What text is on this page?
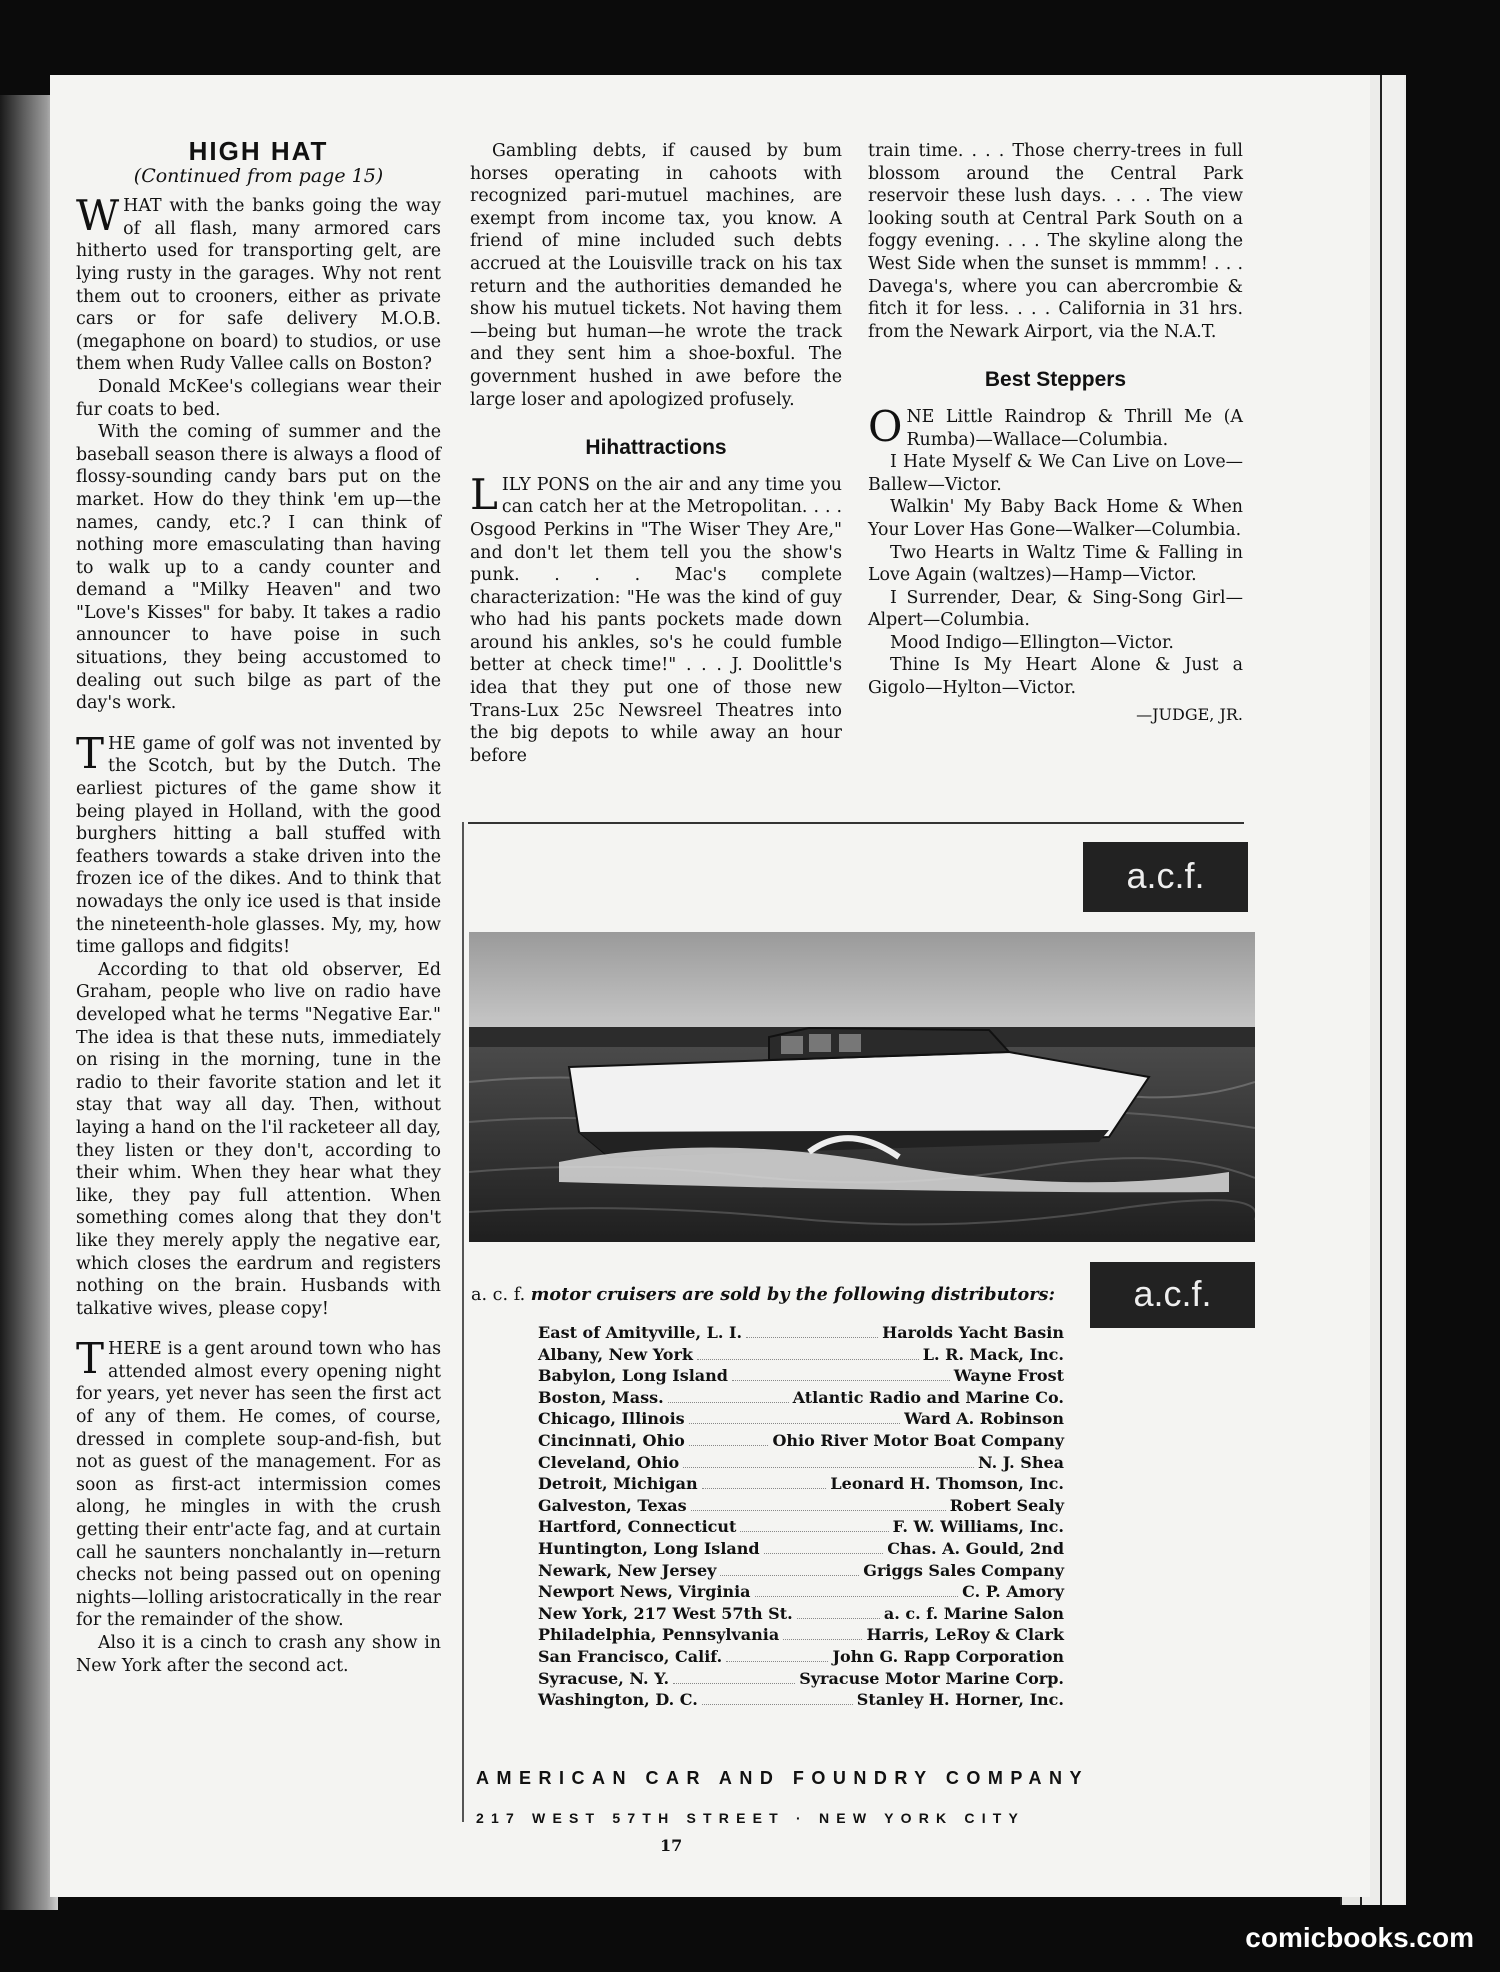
HIGH HAT
(Continued from page 15)

WHAT with the banks going the way of all flash, many armored cars hitherto used for transporting gelt, are lying rusty in the garages. Why not rent them out to crooners, either as private cars or for safe delivery M.O.B. (megaphone on board) to studios, or use them when Rudy Vallee calls on Boston?

Donald McKee's collegians wear their fur coats to bed.

With the coming of summer and the baseball season there is always a flood of flossy-sounding candy bars put on the market. How do they think 'em up—the names, candy, etc.? I can think of nothing more emasculating than having to walk up to a candy counter and demand a "Milky Heaven" and two "Love's Kisses" for baby. It takes a radio announcer to have poise in such situations, they being accustomed to dealing out such bilge as part of the day's work.

THE game of golf was not invented by the Scotch, but by the Dutch. The earliest pictures of the game show it being played in Holland, with the good burghers hitting a ball stuffed with feathers towards a stake driven into the frozen ice of the dikes. And to think that nowadays the only ice used is that inside the nineteenth-hole glasses. My, my, how time gallops and fidgits!

According to that old observer, Ed Graham, people who live on radio have developed what he terms "Negative Ear." The idea is that these nuts, immediately on rising in the morning, tune in the radio to their favorite station and let it stay that way all day. Then, without laying a hand on the l'il racketeer all day, they listen or they don't, according to their whim. When they hear what they like, they pay full attention. When something comes along that they don't like they merely apply the negative ear, which closes the eardrum and registers nothing on the brain. Husbands with talkative wives, please copy!

THERE is a gent around town who has attended almost every opening night for years, yet never has seen the first act of any of them. He comes, of course, dressed in complete soup-and-fish, but not as guest of the management. For as soon as first-act intermission comes along, he mingles in with the crush getting their entr'acte fag, and at curtain call he saunters nonchalantly in—return checks not being passed out on opening nights—lolling aristocratically in the rear for the remainder of the show.

Also it is a cinch to crash any show in New York after the second act.

Gambling debts, if caused by bum horses operating in cahoots with recognized pari-mutuel machines, are exempt from income tax, you know. A friend of mine included such debts accrued at the Louisville track on his tax return and the authorities demanded he show his mutuel tickets. Not having them—being but human—he wrote the track and they sent him a shoe-boxful. The government hushed in awe before the large loser and apologized profusely.

Hihattractions

LILY PONS on the air and any time you can catch her at the Metropolitan. . . . Osgood Perkins in "The Wiser They Are," and don't let them tell you the show's punk. . . . Mac's complete characterization: "He was the kind of guy who had his pants pockets made down around his ankles, so's he could fumble better at check time!" . . . J. Doolittle's idea that they put one of those new Trans-Lux 25c Newsreel Theatres into the big depots to while away an hour before

train time. . . . Those cherry-trees in full blossom around the Central Park reservoir these lush days. . . . The view looking south at Central Park South on a foggy evening. . . . The skyline along the West Side when the sunset is mmmm! . . . Davega's, where you can abercrombie & fitch it for less. . . . California in 31 hrs. from the Newark Airport, via the N.A.T.

Best Steppers

ONE Little Raindrop & Thrill Me (A Rumba)—Wallace—Columbia.

I Hate Myself & We Can Live on Love—Ballew—Victor.

Walkin' My Baby Back Home & When Your Lover Has Gone—Walker—Columbia.

Two Hearts in Waltz Time & Falling in Love Again (waltzes)—Hamp—Victor.

I Surrender, Dear, & Sing-Song Girl—Alpert—Columbia.

Mood Indigo—Ellington—Victor.

Thine Is My Heart Alone & Just a Gigolo—Hylton—Victor.

—JUDGE, JR.
a.c.f.
a. c. f. motor cruisers are sold by the following distributors:	a.c.f.
East of Amityville, L. I.	Harolds Yacht Basin
Albany, New York	L. R. Mack, Inc.
Babylon, Long Island	Wayne Frost
Boston, Mass.	Atlantic Radio and Marine Co.
Chicago, Illinois	Ward A. Robinson
Cincinnati, Ohio	Ohio River Motor Boat Company
Cleveland, Ohio	N. J. Shea
Detroit, Michigan	Leonard H. Thomson, Inc.
Galveston, Texas	Robert Sealy
Hartford, Connecticut	F. W. Williams, Inc.
Huntington, Long Island	Chas. A. Gould, 2nd
Newark, New Jersey	Griggs Sales Company
Newport News, Virginia	C. P. Amory
New York, 217 West 57th St.	a. c. f. Marine Salon
Philadelphia, Pennsylvania	Harris, LeRoy & Clark
San Francisco, Calif.	John G. Rapp Corporation
Syracuse, N. Y.	Syracuse Motor Marine Corp.
Washington, D. C.	Stanley H. Horner, Inc.
AMERICAN CAR AND FOUNDRY COMPANY
217 WEST 57TH STREET · NEW YORK CITY
17
comicbooks.com
